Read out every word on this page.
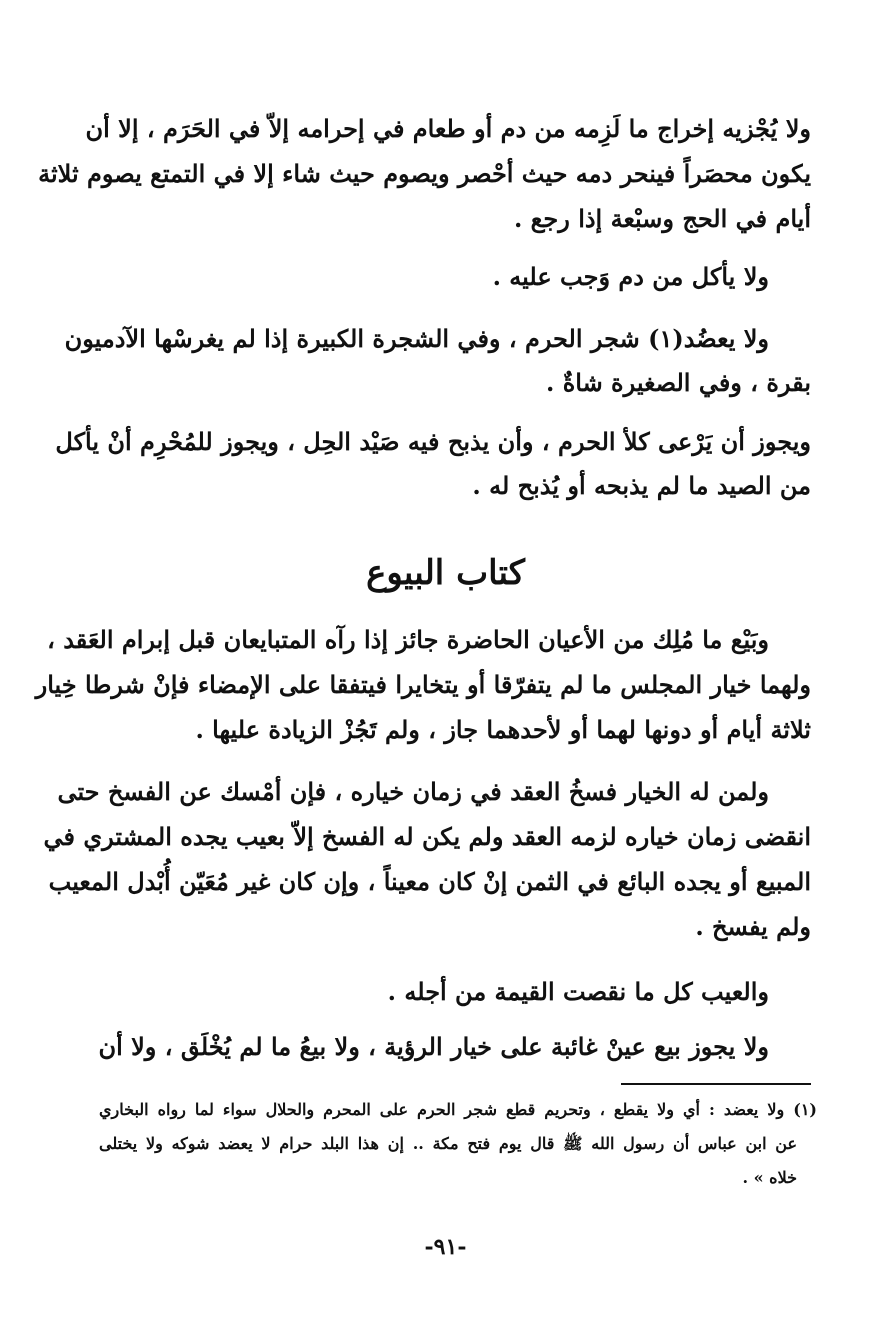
ولا يُجْزيه إخراج ما لَزِمه من دم أو طعام في إحرامه إلاّ في الحَرَم ، إلا أن
يكون محصَراً فينحر دمه حيث أحْصر ويصوم حيث شاء إلا في التمتع يصوم ثلاثة
أيام في الحج وسبْعة إذا رجع .
ولا يأكل من دم وَجب عليه .
ولا يعضُد(١) شجر الحرم ، وفي الشجرة الكبيرة إذا لم يغرسْها الآدميون
بقرة ، وفي الصغيرة شاةٌ .
ويجوز أن يَرْعى كلأ الحرم ، وأن يذبح فيه صَيْد الحِل ، ويجوز للمُحْرِم أنْ يأكل
من الصيد ما لم يذبحه أو يُذبح له .
كتاب البيوع
وبَيْع ما مُلِك من الأعيان الحاضرة جائز إذا رآه المتبايعان قبل إبرام العَقد ،
ولهما خيار المجلس ما لم يتفرّقا أو يتخايرا فيتفقا على الإمضاء فإنْ شرطا خِيار
ثلاثة أيام أو دونها لهما أو لأحدهما جاز ، ولم تَجُزْ الزيادة عليها .
ولمن له الخيار فسخُ العقد في زمان خياره ، فإن أمْسك عن الفسخ حتى
انقضى زمان خياره لزمه العقد ولم يكن له الفسخ إلاّ بعيب يجده المشتري في
المبيع أو يجده البائع في الثمن إنْ كان معيناً ، وإن كان غير مُعَيّن أُبْدل المعيب
ولم يفسخ .
والعيب كل ما نقصت القيمة من أجله .
ولا يجوز بيع عينْ غائبة على خيار الرؤية ، ولا بيعُ ما لم يُخْلَق ، ولا أن
(١) ولا يعضد : أي ولا يقطع ، وتحريم قطع شجر الحرم على المحرم والحلال سواء لما رواه البخاري
عن ابن عباس أن رسول الله ﷺ قال يوم فتح مكة .. إن هذا البلد حرام لا يعضد شوكه ولا يختلى
خلاه » .
-٩١-
